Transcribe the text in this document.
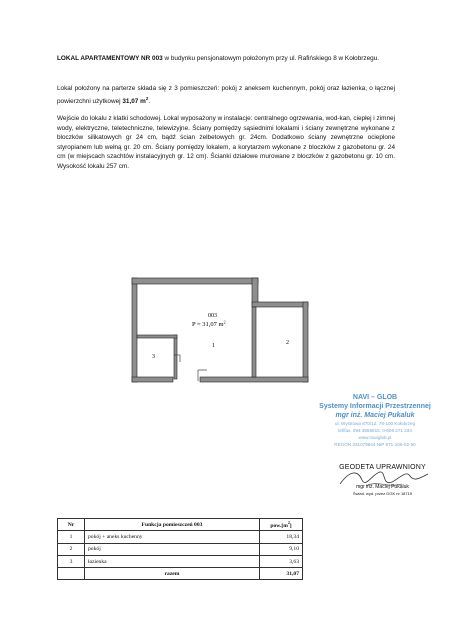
LOKAL APARTAMENTOWY NR 003 w budynku pensjonatowym położonym przy ul. Rafińskiego 8 w Kołobrzegu.
Lokal położony na parterze składa się z 3 pomieszczeń: pokój z aneksem kuchennym, pokój oraz łazienka, o łącznej powierzchni użytkowej 31,07 $m^2$.
Wejście do lokalu z klatki schodowej. Lokal wyposażony w instalacje: centralnego ogrzewania, wod-kan, ciepłej i zimnej wody, elektryczne, teletechniczne, telewizyjne. Ściany pomiędzy sąsiednimi lokalami i ściany zewnętrzne wykonane z bloczków silikatowych gr 24 cm, bądź ścian żelbetowych gr. 24cm. Dodatkowo ściany zewnętrzne ocieplone styropianem lub wełną gr. 20 cm. Ściany pomiędzy lokalem, a korytarzem wykonane z bloczków z gazobetonu gr. 24 cm (w miejscach szachtów instalacyjnych gr. 12 cm). Ścianki działowe murowane z bloczków z gazobetonu gr. 10 cm. Wysokość lokalu 257 cm.
003
P = 31,07 $m^2$
1	2
3
NAVI – GLOB
Systemy Informacji Przestrzennej
mgr inż. Maciej Pukaluk
ul. Wylotowa 870/12, 78-100 Kołobrzeg
tel/fax. 094 3556915; 0-606 271 234
www.naviglob.pl
REGON 331079844 NIP 671-106-02-50
GEODETA UPRAWNIONY
mgr inż. Maciej Pukaluk
Świad. wyd. przez GGK nr 18719
Nr	Funkcja pomieszczeń 003	$pow.[m^2]$
1	pokój + aneks kuchenny	18,34
2	pokój	9,10
3	łazienka	3,63
	razem	31,07
